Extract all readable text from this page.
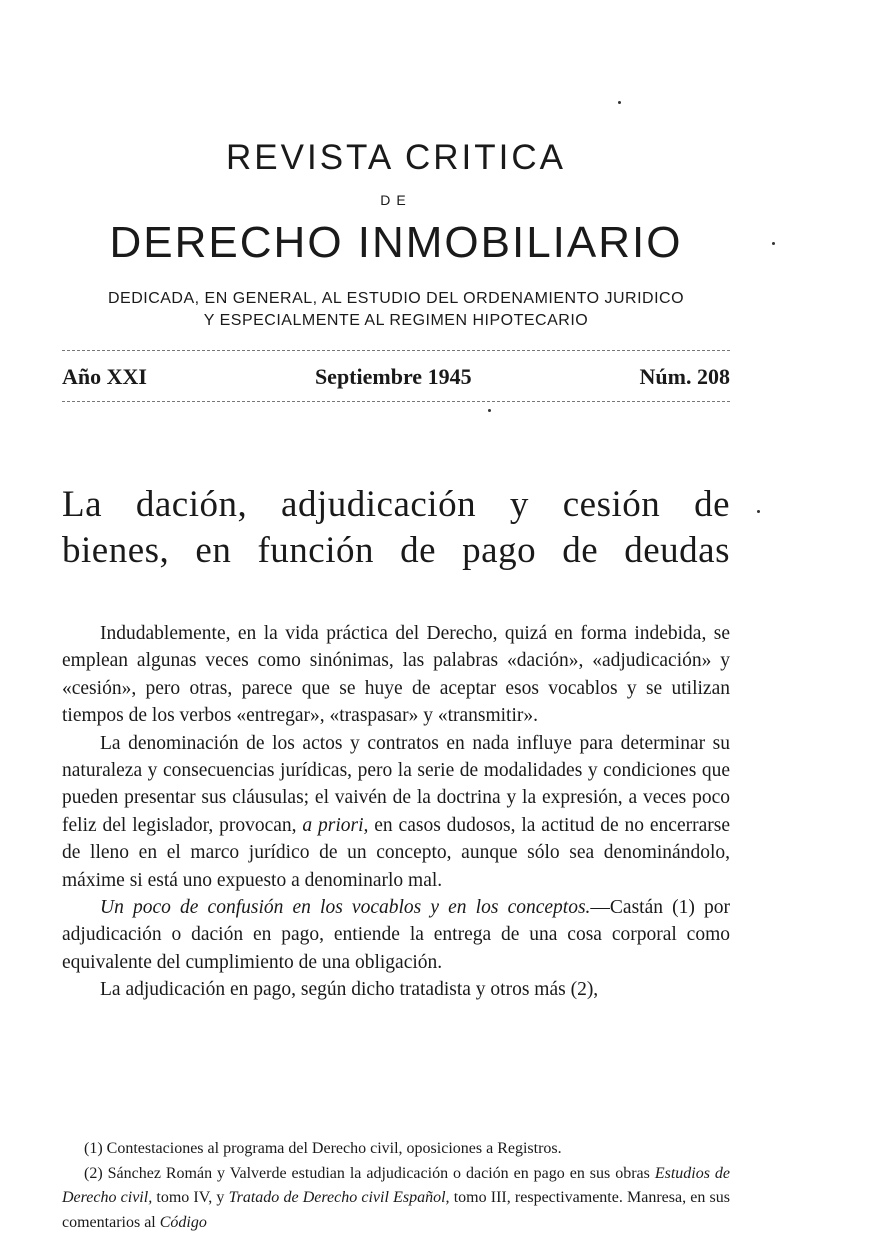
REVISTA CRITICA
DE
DERECHO INMOBILIARIO
DEDICADA, EN GENERAL, AL ESTUDIO DEL ORDENAMIENTO JURIDICO
Y ESPECIALMENTE AL REGIMEN HIPOTECARIO
Año XXI	Septiembre 1945	Núm. 208
La dación, adjudicación y cesión de
bienes, en función de pago de deudas

Indudablemente, en la vida práctica del Derecho, quizá en forma indebida, se emplean algunas veces como sinónimas, las palabras «dación», «adjudicación» y «cesión», pero otras, parece que se huye de aceptar esos vocablos y se utilizan tiempos de los verbos «entregar», «traspasar» y «transmitir».

La denominación de los actos y contratos en nada influye para determinar su naturaleza y consecuencias jurídicas, pero la serie de modalidades y condiciones que pueden presentar sus cláusulas; el vaivén de la doctrina y la expresión, a veces poco feliz del legislador, provocan, a priori, en casos dudosos, la actitud de no encerrarse de lleno en el marco jurídico de un concepto, aunque sólo sea denominándolo, máxime si está uno expuesto a denominarlo mal.

Un poco de confusión en los vocablos y en los conceptos.—Castán (1) por adjudicación o dación en pago, entiende la entrega de una cosa corporal como equivalente del cumplimiento de una obligación.

La adjudicación en pago, según dicho tratadista y otros más (2),

(1) Contestaciones al programa del Derecho civil, oposiciones a Registros.

(2) Sánchez Román y Valverde estudian la adjudicación o dación en pago en sus obras Estudios de Derecho civil, tomo IV, y Tratado de Derecho civil Español, tomo III, respectivamente. Manresa, en sus comentarios al Código
